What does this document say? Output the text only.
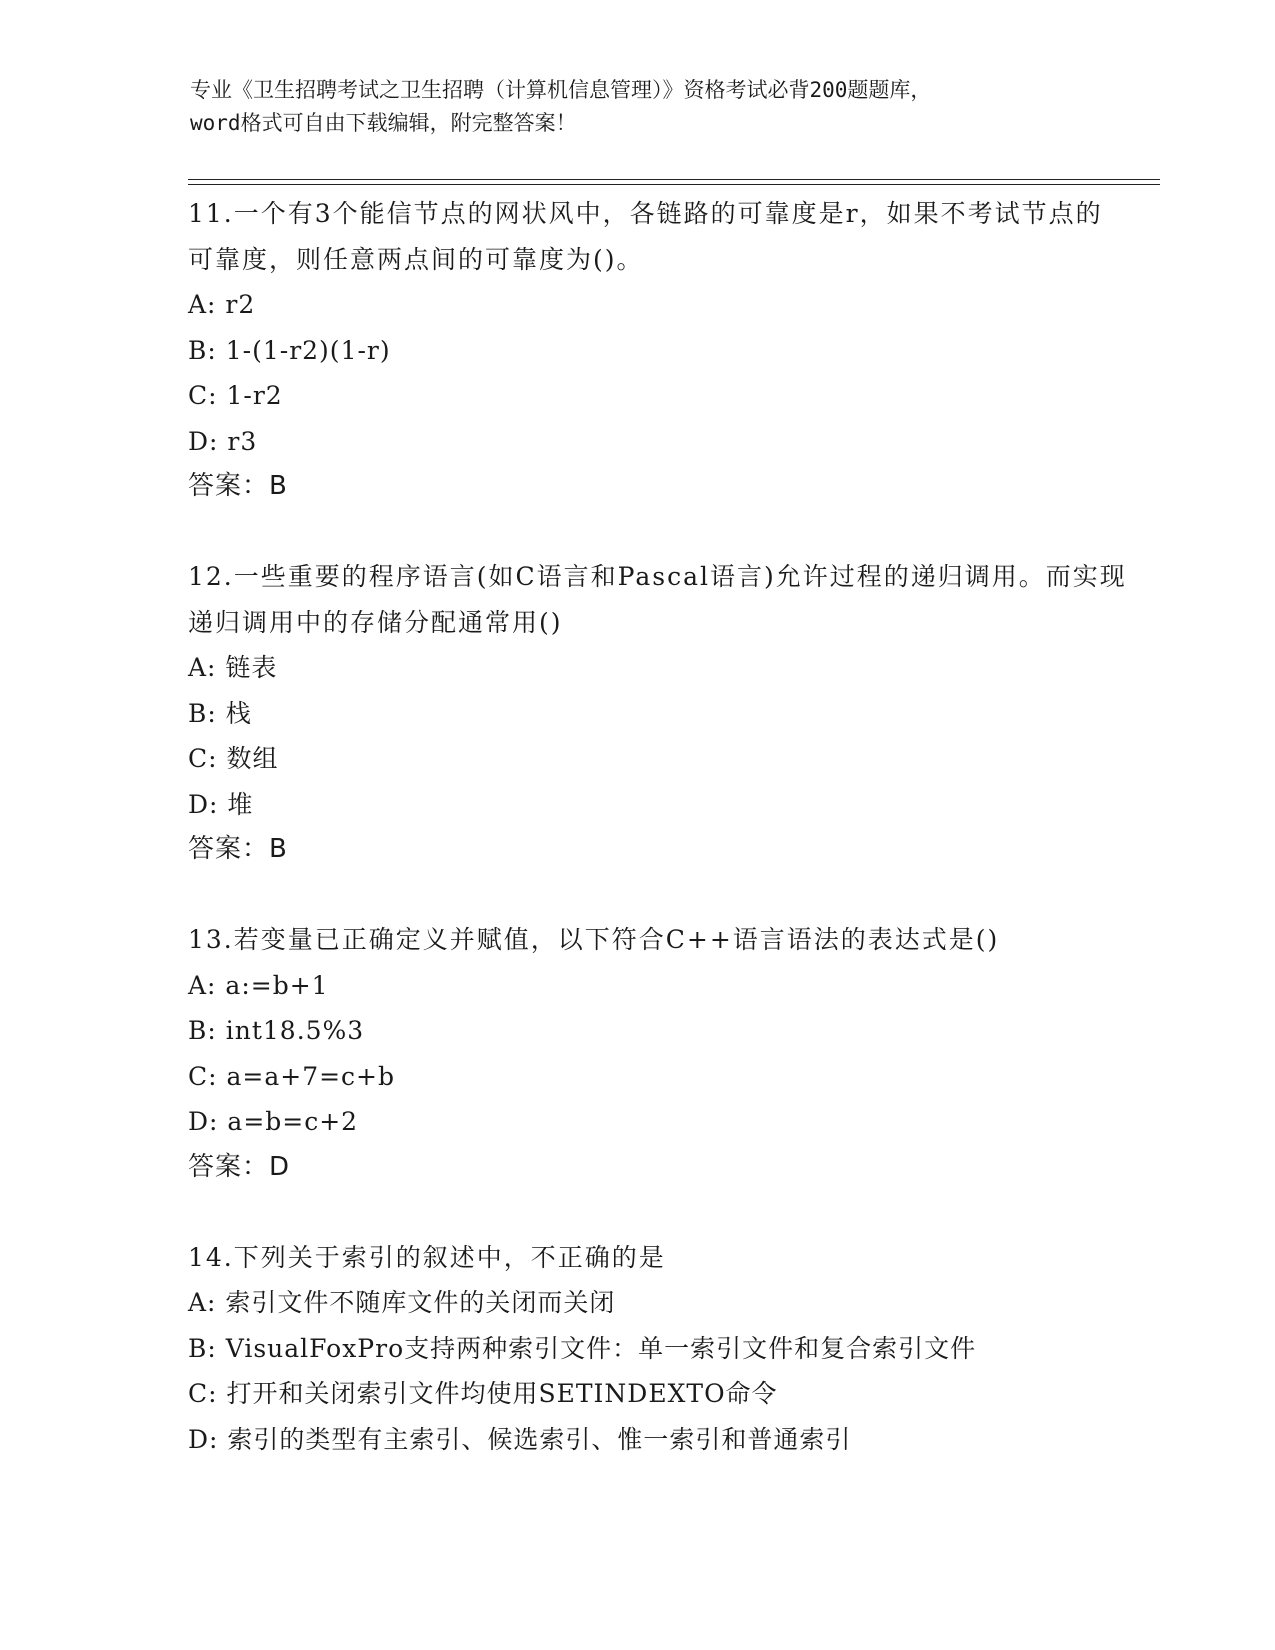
专业《卫生招聘考试之卫生招聘（计算机信息管理）》资格考试必背200题题库，
word格式可自由下载编辑，附完整答案！

11.一个有3个能信节点的网状风中，各链路的可靠度是r，如果不考试节点的可靠度，则任意两点间的可靠度为()。

A: r2

B: 1-(1-r2)(1-r)

C: 1-r2

D: r3

答案：B

12.一些重要的程序语言(如C语言和Pascal语言)允许过程的递归调用。而实现递归调用中的存储分配通常用()

A: 链表

B: 栈

C: 数组

D: 堆

答案：B

13.若变量已正确定义并赋值，以下符合C++语言语法的表达式是()

A: a:=b+1

B: int18.5%3

C: a=a+7=c+b

D: a=b=c+2

答案：D

14.下列关于索引的叙述中，不正确的是

A: 索引文件不随库文件的关闭而关闭

B: VisualFoxPro支持两种索引文件：单一索引文件和复合索引文件

C: 打开和关闭索引文件均使用SETINDEXTO命令

D: 索引的类型有主索引、候选索引、惟一索引和普通索引
